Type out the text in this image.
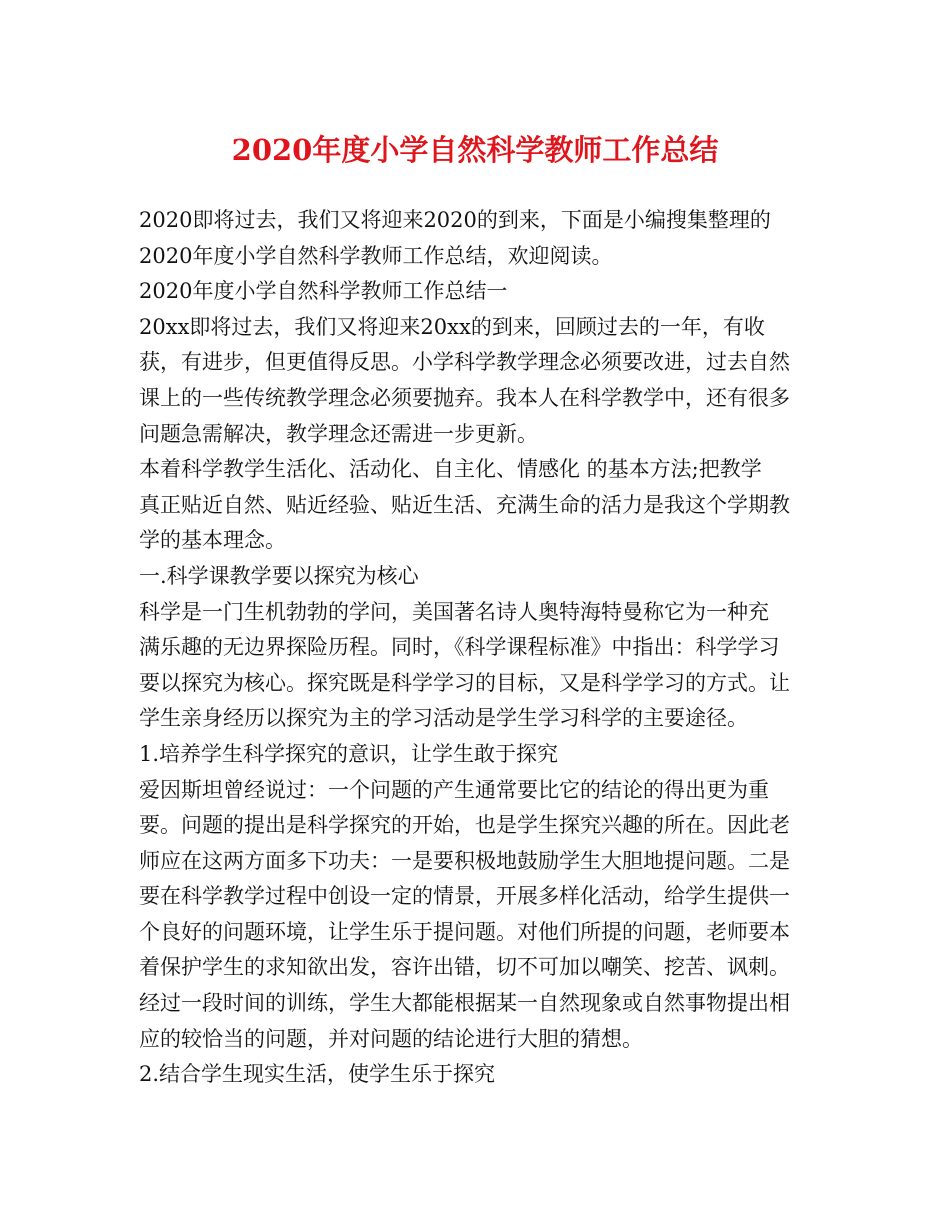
2020年度小学自然科学教师工作总结
2020即将过去，我们又将迎来2020的到来，下面是小编搜集整理的
2020年度小学自然科学教师工作总结，欢迎阅读。
2020年度小学自然科学教师工作总结一
20xx即将过去，我们又将迎来20xx的到来，回顾过去的一年，有收
获，有进步，但更值得反思。小学科学教学理念必须要改进，过去自然
课上的一些传统教学理念必须要抛弃。我本人在科学教学中，还有很多
问题急需解决，教学理念还需进一步更新。
本着科学教学生活化、活动化、自主化、情感化 的基本方法;把教学
真正贴近自然、贴近经验、贴近生活、充满生命的活力是我这个学期教
学的基本理念。
一.科学课教学要以探究为核心
科学是一门生机勃勃的学问，美国著名诗人奥特海特曼称它为一种充
满乐趣的无边界探险历程。同时，《科学课程标准》中指出：科学学习
要以探究为核心。探究既是科学学习的目标，又是科学学习的方式。让
学生亲身经历以探究为主的学习活动是学生学习科学的主要途径。
1.培养学生科学探究的意识，让学生敢于探究
爱因斯坦曾经说过：一个问题的产生通常要比它的结论的得出更为重
要。问题的提出是科学探究的开始，也是学生探究兴趣的所在。因此老
师应在这两方面多下功夫：一是要积极地鼓励学生大胆地提问题。二是
要在科学教学过程中创设一定的情景，开展多样化活动，给学生提供一
个良好的问题环境，让学生乐于提问题。对他们所提的问题，老师要本
着保护学生的求知欲出发，容许出错，切不可加以嘲笑、挖苦、讽刺。
经过一段时间的训练，学生大都能根据某一自然现象或自然事物提出相
应的较恰当的问题，并对问题的结论进行大胆的猜想。
2.结合学生现实生活，使学生乐于探究
